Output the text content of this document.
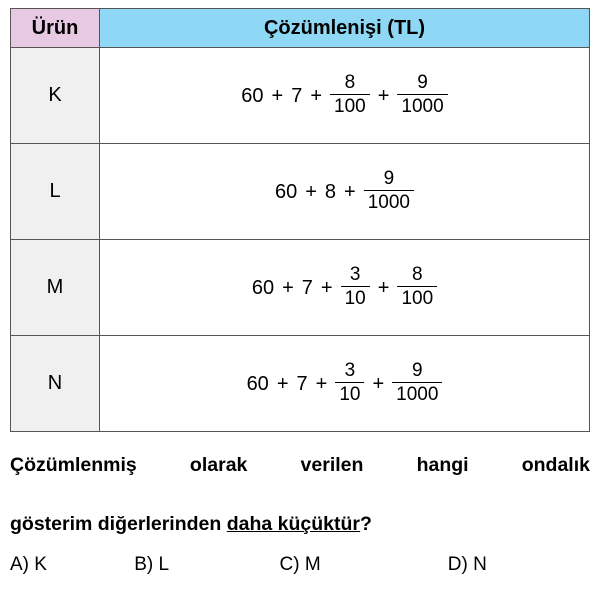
Ürün	Çözümlenişi (TL)
K	$60 + 7 + \frac{8}{100} + \frac{9}{1000}$

L	$60 + 8 + \frac{9}{1000}$

M	$60 + 7 + \frac{3}{10} + \frac{8}{100}$

N	$60 + 7 + \frac{3}{10} + \frac{9}{1000}$
Çözümlenmiş olarak verilen hangi ondalık
gösterim diğerlerinden daha küçüktür?
A) K	B) L	C) M	D) N
